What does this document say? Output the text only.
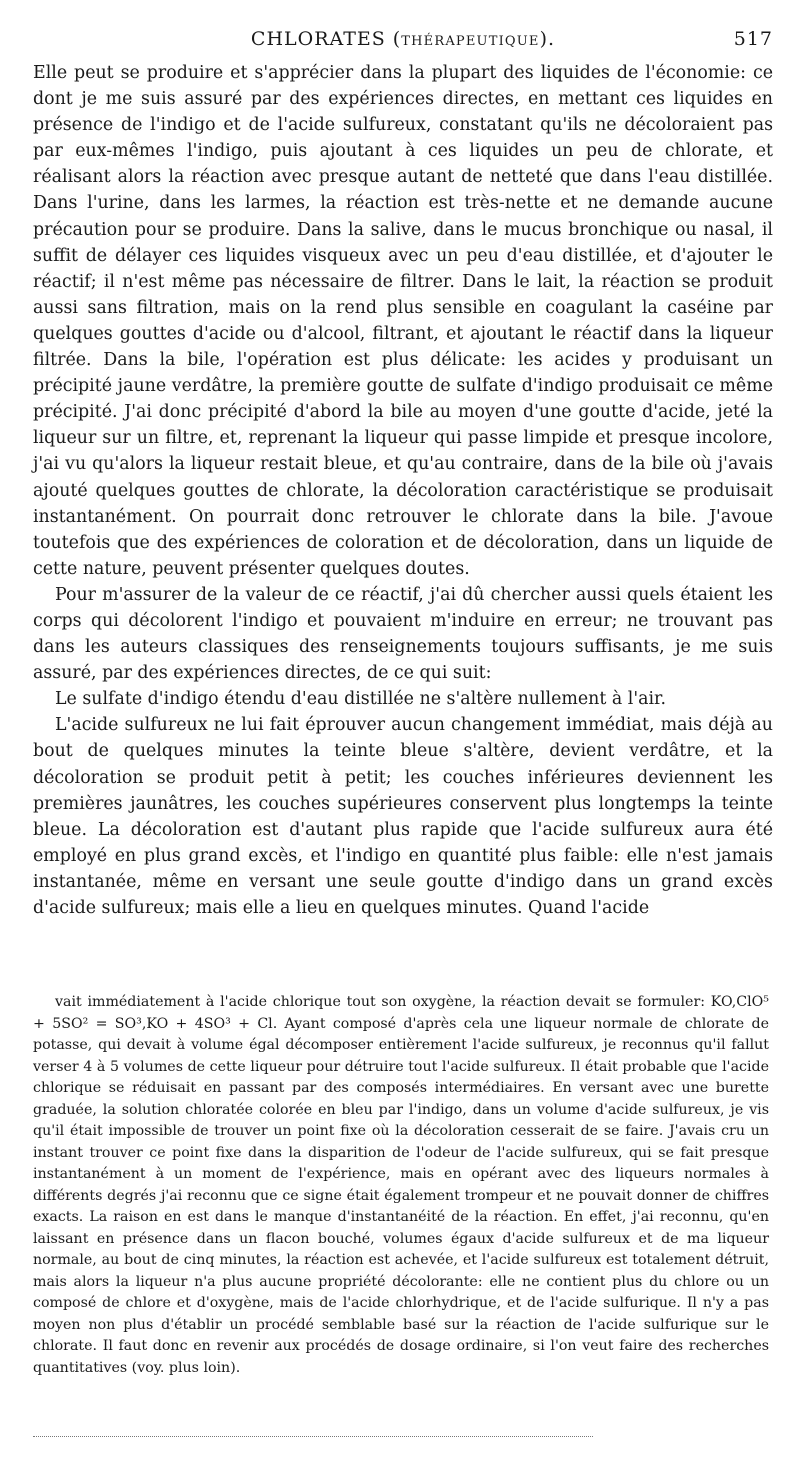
CHLORATES (THÉRAPEUTIQUE).	517

Elle peut se produire et s'apprécier dans la plupart des liquides de l'économie: ce dont je me suis assuré par des expériences directes, en mettant ces liquides en présence de l'indigo et de l'acide sulfureux, constatant qu'ils ne décoloraient pas par eux-mêmes l'indigo, puis ajoutant à ces liquides un peu de chlorate, et réalisant alors la réaction avec presque autant de netteté que dans l'eau distillée. Dans l'urine, dans les larmes, la réaction est très-nette et ne demande aucune précaution pour se produire. Dans la salive, dans le mucus bronchique ou nasal, il suffit de délayer ces liquides visqueux avec un peu d'eau distillée, et d'ajouter le réactif; il n'est même pas nécessaire de filtrer. Dans le lait, la réaction se produit aussi sans filtration, mais on la rend plus sensible en coagulant la caséine par quelques gouttes d'acide ou d'alcool, filtrant, et ajoutant le réactif dans la liqueur filtrée. Dans la bile, l'opération est plus délicate: les acides y produisant un précipité jaune verdâtre, la première goutte de sulfate d'indigo produisait ce même précipité. J'ai donc précipité d'abord la bile au moyen d'une goutte d'acide, jeté la liqueur sur un filtre, et, reprenant la liqueur qui passe limpide et presque incolore, j'ai vu qu'alors la liqueur restait bleue, et qu'au contraire, dans de la bile où j'avais ajouté quelques gouttes de chlorate, la décoloration caractéristique se produisait instantanément. On pourrait donc retrouver le chlorate dans la bile. J'avoue toutefois que des expériences de coloration et de décoloration, dans un liquide de cette nature, peuvent présenter quelques doutes.

Pour m'assurer de la valeur de ce réactif, j'ai dû chercher aussi quels étaient les corps qui décolorent l'indigo et pouvaient m'induire en erreur; ne trouvant pas dans les auteurs classiques des renseignements toujours suffisants, je me suis assuré, par des expériences directes, de ce qui suit:

Le sulfate d'indigo étendu d'eau distillée ne s'altère nullement à l'air.

L'acide sulfureux ne lui fait éprouver aucun changement immédiat, mais déjà au bout de quelques minutes la teinte bleue s'altère, devient verdâtre, et la décoloration se produit petit à petit; les couches inférieures deviennent les premières jaunâtres, les couches supérieures conservent plus longtemps la teinte bleue. La décoloration est d'autant plus rapide que l'acide sulfureux aura été employé en plus grand excès, et l'indigo en quantité plus faible: elle n'est jamais instantanée, même en versant une seule goutte d'indigo dans un grand excès d'acide sulfureux; mais elle a lieu en quelques minutes. Quand l'acide

vait immédiatement à l'acide chlorique tout son oxygène, la réaction devait se formuler: KO,ClO⁵ + 5SO² = SO³,KO + 4SO³ + Cl. Ayant composé d'après cela une liqueur normale de chlorate de potasse, qui devait à volume égal décomposer entièrement l'acide sulfureux, je reconnus qu'il fallut verser 4 à 5 volumes de cette liqueur pour détruire tout l'acide sulfureux. Il était probable que l'acide chlorique se réduisait en passant par des composés intermédiaires. En versant avec une burette graduée, la solution chloratée colorée en bleu par l'indigo, dans un volume d'acide sulfureux, je vis qu'il était impossible de trouver un point fixe où la décoloration cesserait de se faire. J'avais cru un instant trouver ce point fixe dans la disparition de l'odeur de l'acide sulfureux, qui se fait presque instantanément à un moment de l'expérience, mais en opérant avec des liqueurs normales à différents degrés j'ai reconnu que ce signe était également trompeur et ne pouvait donner de chiffres exacts. La raison en est dans le manque d'instantanéité de la réaction. En effet, j'ai reconnu, qu'en laissant en présence dans un flacon bouché, volumes égaux d'acide sulfureux et de ma liqueur normale, au bout de cinq minutes, la réaction est achevée, et l'acide sulfureux est totalement détruit, mais alors la liqueur n'a plus aucune propriété décolorante: elle ne contient plus du chlore ou un composé de chlore et d'oxygène, mais de l'acide chlorhydrique, et de l'acide sulfurique. Il n'y a pas moyen non plus d'établir un procédé semblable basé sur la réaction de l'acide sulfurique sur le chlorate. Il faut donc en revenir aux procédés de dosage ordinaire, si l'on veut faire des recherches quantitatives (voy. plus loin).
